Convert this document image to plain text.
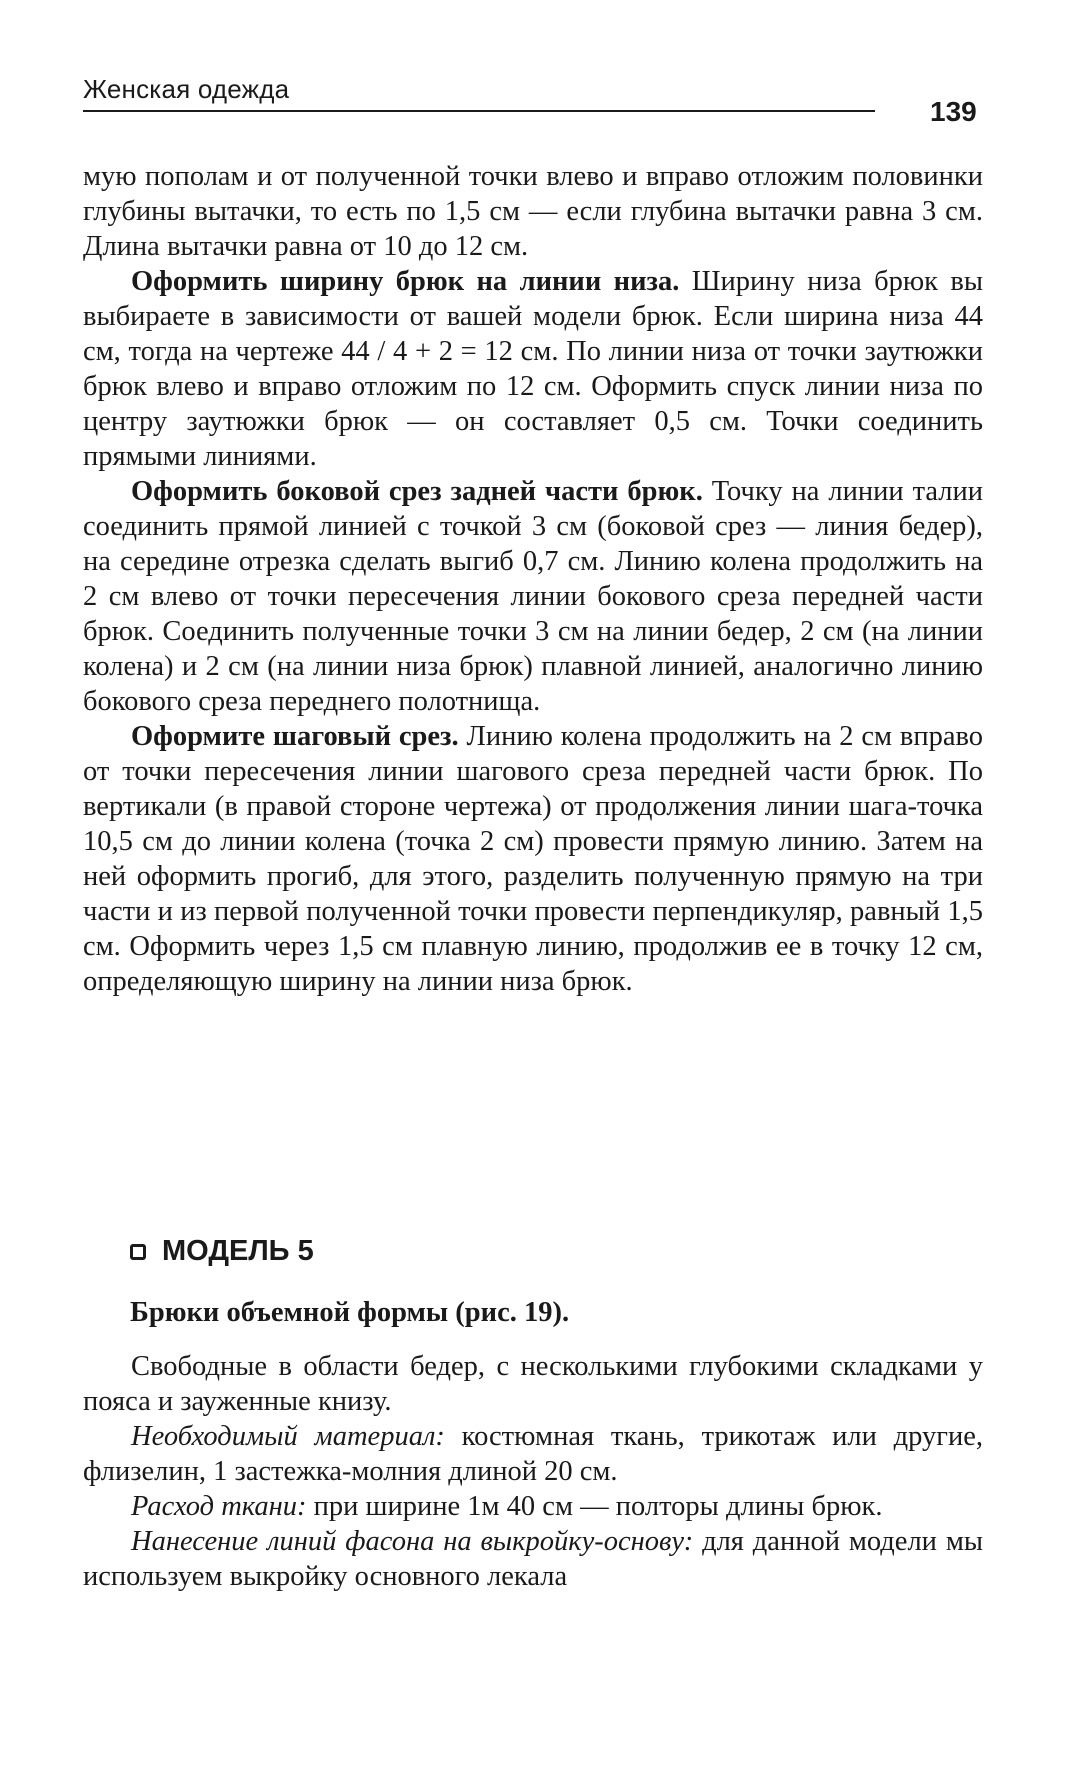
Женская одежда
139

мую пополам и от полученной точки влево и вправо отложим половинки глубины вытачки, то есть по 1,5 см — если глубина вытачки равна 3 см. Длина вытачки равна от 10 до 12 см.

Оформить ширину брюк на линии низа. Ширину низа брюк вы выбираете в зависимости от вашей модели брюк. Если ширина низа 44 см, тогда на чертеже 44 / 4 + 2 = 12 см. По линии низа от точки заутюжки брюк влево и вправо отложим по 12 см. Оформить спуск линии низа по центру заутюжки брюк — он составляет 0,5 см. Точки соединить прямыми линиями.

Оформить боковой срез задней части брюк. Точку на линии талии соединить прямой линией с точкой 3 см (боковой срез — линия бедер), на середине отрезка сделать выгиб 0,7 см. Линию колена продолжить на 2 см влево от точки пересечения линии бокового среза передней части брюк. Соединить полученные точки 3 см на линии бедер, 2 см (на линии колена) и 2 см (на линии низа брюк) плавной линией, аналогично линию бокового среза переднего полотнища.

Оформите шаговый срез. Линию колена продолжить на 2 см вправо от точки пересечения линии шагового среза передней части брюк. По вертикали (в правой стороне чертежа) от продолжения линии шага-точка 10,5 см до линии колена (точка 2 см) провести прямую линию. Затем на ней оформить прогиб, для этого, разделить полученную прямую на три части и из первой полученной точки провести перпендикуляр, равный 1,5 см. Оформить через 1,5 см плавную линию, продолжив ее в точку 12 см, определяющую ширину на линии низа брюк.

МОДЕЛЬ 5
Брюки объемной формы (рис. 19).

Свободные в области бедер, с несколькими глубокими складками у пояса и зауженные книзу.

Необходимый материал: костюмная ткань, трикотаж или другие, флизелин, 1 застежка-молния длиной 20 см.

Расход ткани: при ширине 1м 40 см — полторы длины брюк.

Нанесение линий фасона на выкройку-основу: для данной модели мы используем выкройку основного лекала
